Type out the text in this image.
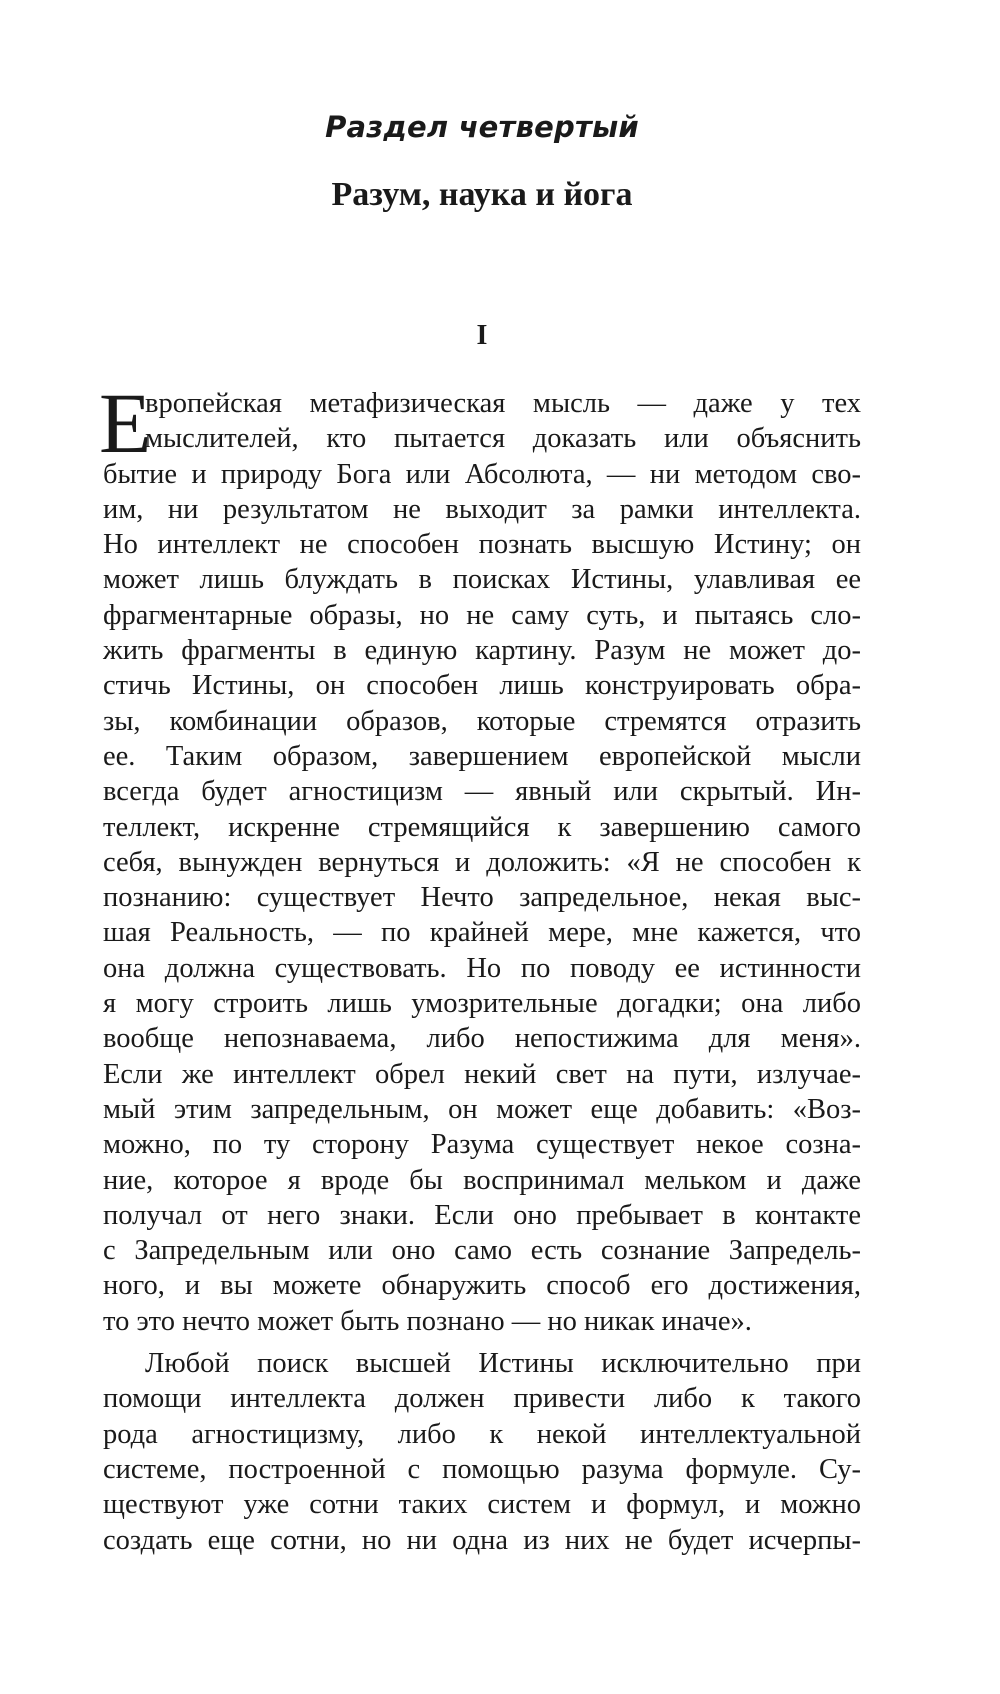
Раздел четвертый
Разум, наука и йога
I
Е
вропейская метафизическая мысль — даже у тех
мыслителей, кто пытается доказать или объяснить
бытие и природу Бога или Абсолюта, — ни методом сво-
им, ни результатом не выходит за рамки интеллекта.
Но интеллект не способен познать высшую Истину; он
может лишь блуждать в поисках Истины, улавливая ее
фрагментарные образы, но не саму суть, и пытаясь сло-
жить фрагменты в единую картину. Разум не может до-
стичь Истины, он способен лишь конструировать обра-
зы, комбинации образов, которые стремятся отразить
ее. Таким образом, завершением европейской мысли
всегда будет агностицизм — явный или скрытый. Ин-
теллект, искренне стремящийся к завершению самого
себя, вынужден вернуться и доложить: «Я не способен к
познанию: существует Нечто запредельное, некая выс-
шая Реальность, — по крайней мере, мне кажется, что
она должна существовать. Но по поводу ее истинности
я могу строить лишь умозрительные догадки; она либо
вообще непознаваема, либо непостижима для меня».
Если же интеллект обрел некий свет на пути, излучае-
мый этим запредельным, он может еще добавить: «Воз-
можно, по ту сторону Разума существует некое созна-
ние, которое я вроде бы воспринимал мельком и даже
получал от него знаки. Если оно пребывает в контакте
с Запредельным или оно само есть сознание Запредель-
ного, и вы можете обнаружить способ его достижения,
то это нечто может быть познано — но никак иначе».
Любой поиск высшей Истины исключительно при
помощи интеллекта должен привести либо к такого
рода агностицизму, либо к некой интеллектуальной
системе, построенной с помощью разума формуле. Су-
ществуют уже сотни таких систем и формул, и можно
создать еще сотни, но ни одна из них не будет исчерпы-
